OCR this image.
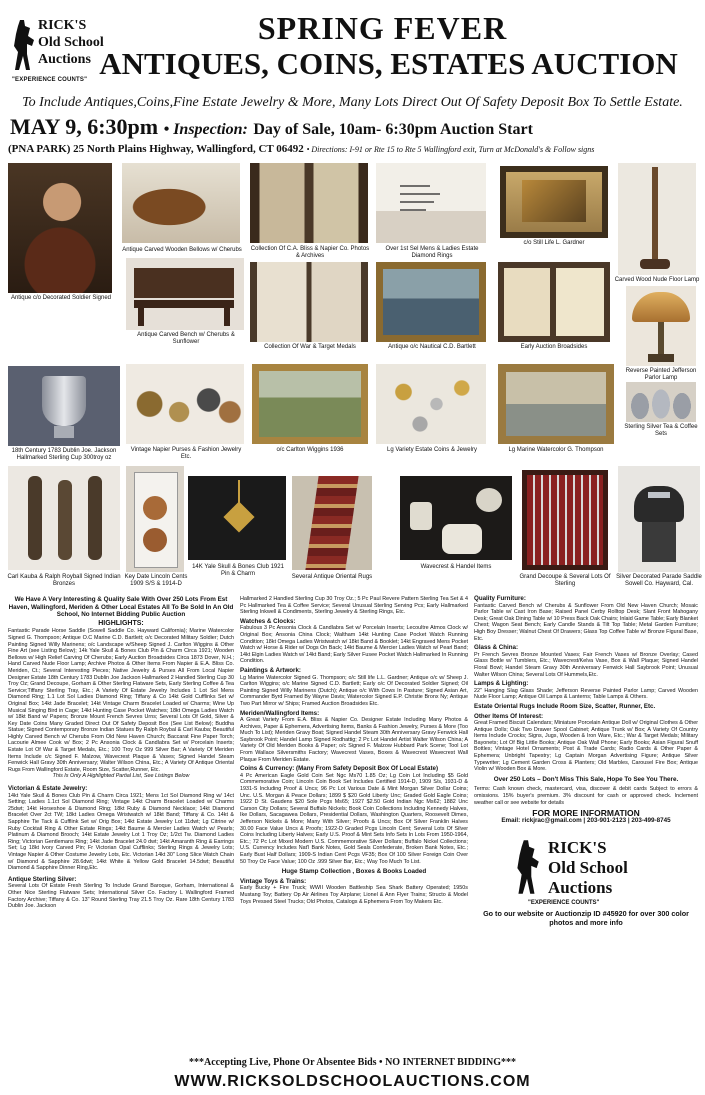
RICK'S
Old School
Auctions
"EXPERIENCE COUNTS"
SPRING FEVER
ANTIQUES, COINS, ESTATES AUCTION
To Include Antiques,Coins,Fine Estate Jewelry & More, Many Lots Direct Out Of Safety Deposit Box To Settle Estate.
MAY 9, 6:30pm • Inspection: Day of Sale, 10am- 6:30pm Auction Start
(PNA PARK) 25 North Plains Highway, Wallingford, CT 06492 • Directions: I-91 or Rte 15 to Rte 5 Wallingford exit, Turn at McDonald's & Follow signs
Antique c/o Decorated Soldier Signed
Antique Carved Wooden Bellows w/ Cherubs Collection Of C.A. Bliss & Napier Co. Photos & Archives
Over 1st Sel Mens & Ladies Estate Diamond Rings
c/o Still Life L. Gardner
Carved Wood Nude Floor Lamp
Antique Carved Bench w/ Cherubs & Sunflower
Collection Of War & Target Medals	Antique o/c Nautical C.D. Bartlett	Early Auction Broadsides
Reverse Painted Jefferson Parlor Lamp
18th Century 1783 Dublin Joe. Jackson Hallmarked Sterling Cup 300troy oz
Vintage Napier Purses & Fashion Jewelry Etc.
o/c Carlton Wiggins 1936	Lg Variety Estate Coins & Jewelry	Lg Marine Watercolor G. Thompson
Sterling Silver Tea & Coffee Sets
Carl Kauba & Ralph Royball Signed Indian Bronzes
Key Date Lincoln Cents 1909 S/S & 1914-D
14K Yale Skull & Bones Club 1921 Pin & Charm	Several Antique Oriental Rugs
Wavecrest & Handel Items
Grand Decoupe & Several Lots Of Sterling
Silver Decorated Parade Saddle Sowell Co. Hayward, Cal.
We Have A Very Interesting & Quality Sale With Over 250 Lots From Est Haven, Wallingford, Meriden & Other Local Estates All To Be Sold In An Old School, No Internet Bidding Public Auction
HIGHLIGHTS:
Fantastic Parade Horse Saddle (Sowell Saddle Co. Hayward California); Marine Watercolor Signed G. Thompson; Antique O.C Marine C.D. Bartlett; o/c Decorated Military Soldier; Dutch Painting Signed Willy Marinens; o/c Landscape w/Sheep Signed J. Carlton Wiggins & Other Fine Art (see Listing Below); 14k Yale Skull & Bones Club Pin & Charm Circa 1921; Wooden Bellows w/ High Relief Carving Of Cherubs; Early Auction Broadsides Circa 1873 Dover, N.H.; Hand Carved Nude Floor Lamp; Archive Photos & Other Items From Napier & E.A. Bliss Co. Meriden, Ct.; Several Interesting Pieces; Native Jewelry & Purses All From Local Napier Designer Estate 18th Century 1783 Dublin Joe Jackson Hallmarked 2 Handled Sterling Cup 30 Troy Oz; Grand Decoupe, Gorham & Other Sterling Flatware Sets, Early Sterling Coffee & Tea Service;Tiffany Sterling Tray, Etc.; A Variety Of Estate Jewelry Includes 1 Lot Sol Mens Diamond Ring; 1.1 Lot Sol Ladies Diamond Ring; Tiffany & Co 14kt Gold Cufflinks Set w/ Original Box; 14kt Jade Bracelet; 14kt Vintage Charm Bracelet Loaded w/ Charms; Wine Up Musical Singing Bird in Cage; 14kt Hunting Case Pocket Watches; 18kt Omega Ladies Watch w/ 18kt Band w/ Papers; Bronze Mount French Sevres Urns; Several Lots Of Gold, Silver & Key Date Coins Many Graded Direct Out Of Safety Deposit Box (See List Below); Buddha Statue; Signed Contemporary Bronze Indian Statues By Ralph Roybal & Carl Kauba; Beautiful Highly Carved Bench w/ Cherubs From Old New Haven Church; Baccarat Fine Paper Torch; Lacourie Almee Cook w/ Box; 2 Pc Ansonia Clock & Candlabra Set w/ Porcelain Inserts; Estate Lot Of War & Target Medals, Etc.; 100 Troy Oz 999 Silver Bar; A Variety Of Meriden Items Include c/c Signed F. Malzow, Wavecrest Plaque & Vases; Signed Handel Steam Fenwick Hall Gravy 30th Anniversary; Walter Wilson China, Etc.; A Variety Of Antique Oriental Rugs From Wallingford Estate, Room Size, Scatter,Runner, Etc.
This Is Only A Highlighted Partial List, See Listings Below
Victorian & Estate Jewelry:
14kt Yale Skull & Bones Club Pin & Charm Circa 1921; Mens 1ct Sol Diamond Ring w/ 14ct Setting; Ladies 1.1ct Sol Diamond Ring; Vintage 14kt Charm Bracelet Loaded w/ Charms 25dwt; 14kt Horseshoe & Diamond Ring; 18kt Ruby & Diamond Necklace; 14kt Diamond Bracelet Over 2ct TW; 18kt Ladies Omega Wristwatch w/ 18kt Band; Tiffany & Co. 14kt & Sapphire Tie Tack & Cufflink Set w/ Orig Box; 14kt Estate Jewelry Lot 11dwt; Lg Citrine w/ Ruby Cocktail Ring & Other Estate Rings; 14kt Baume & Mercier Ladies Watch w/ Pearls; Platinum & Diamond Brooch; 14kt Estate Jewelry Lot 1 Troy Oz; 1/2ct Tw. Diamond Ladies Ring; Victorian Gentlemans Ring; 14kt Jade Bracelet 24.0 dwt; 14kt Amaranth Ring & Earrings Set; Lg 18kt Ivory Carved Pin; Fr Victorian Opal Cufflinks; Sterling Rings & Jewelry Lots; Vintage Napier & Other Costume Jewelry Lots, Etc. Victorian 14kt 30" Long Slice Watch Chain w/ Diamond & Sapphire 28.6dwt; 14kt White & Yellow Gold Bracelet 14.5dwt; Beautiful Diamond & Sapphire Dinner Ring,Etc.
Antique Sterling Silver:
Several Lots Of Estate Fresh Sterling To Include Grand Baroque, Gorham, International & Other Nice Sterling Flatware Sets; International Silver Co. Factory L Wallingford Framed Factory Archive; Tiffany & Co. 13" Round Sterling Tray 21.5 Troy Oz. Rare 18th Century 1783 Dublin Joe. Jackson
Hallmarked 2 Handled Sterling Cup 30 Troy Oz.; 5 Pc Paul Revere Pattern Sterling Tea Set & 4 Pc Hallmarked Tea & Coffee Service; Several Unusual Sterling Serving Pcs; Early Hallmarked Sterling Inkwell & Condiments, Sterling Jewelry & Sterling Rings, Etc.
Watches & Clocks:
Fabulous 3 Pc Ansonia Clock & Candlabra Set w/ Porcelain Inserts; Lecoultre Atmos Clock w/ Original Box; Ansonia China Clock; Waltham 14kt Hunting Case Pocket Watch Running Condition; 18kt Omega Ladies Wristwatch w/ 18kt Band & Booklet; 14kt Engraved Mens Pocket Watch w/ Horse & Rider w/ Dogs On Back; 14kt Baume & Mercier Ladies Watch w/ Pearl Band; 14kt Elgin Ladies Watch w/ 14kt Band; Early Silver Fusee Pocket Watch Hallmarked In Running Condition.
Paintings & Artwork:
Lg Marine Watercolor Signed G. Thompson; o/c Still life L.L. Gardner; Antique o/c w/ Sheep J. Carlton Wiggins; o/c Marine Signed C.D. Bartlett; Early o/c Of Decorated Soldier Signed; Oil Painting Signed Willy Marinens (Dutch); Antique o/c With Cows In Pasture; Signed Asian Art, Commander Byrd Framed By Wayne Davis; Watercolor Signed E.P. Christie Bronx Ny; Antique Two Part Mirror w/ Ships; Framed Auction Broadsides Etc.
Meriden/Wallingford Items:
A Great Variety From E.A. Bliss & Napier Co. Designer Estate Including Many Photos & Archives, Paper & Ephemera, Advertising Items, Banks & Fashion Jewelry, Purses & More (Too Much To List); Meriden Gravy Boat; Signed Handel Steam 30th Anniversary Gravy Fenwick Hall Saybrook Point; Handel Lamp Signed Rodhattig; 2 Pc Lot Handel Artist Walter Wilson China; A Variety Of Old Meriden Books & Paper; o/c Signed F. Malzow Hubbard Park Scene; Tool Lot From Wallace Silversmiths Factory; Wavecrest Vases, Boxes & Wavecrest Wavecrest Wall Plaque From Meriden Estate.
Coins & Currency: (Many From Safety Deposit Box Of Local Estate)
4 Pc American Eagle Gold Coin Set Ngc Ms70 1.85 Oz; Lg Coin Lot Including $5 Gold Commemorative Coin; Lincoln Coin Book Set Includes Certified 1914-D, 1909 S/s, 1931-D & 1931-S Including Proof & Uncs; 96 Pc Lot Various Date & Mint Morgan Silver Dollar Coins; Unc. U.S. Morgan & Peace Dollars; 1899 $ $20 Gold Liberty Unc; Graded Gold Eagle Coins; 1922 D St. Gaudens $20 Sole Pcgs Ms65; 1927 $2.50 Gold Indian Ngc Ms62; 1882 Unc Carson City Dollars; Several Buffalo Nickels; Book Coin Collections Including Kennedy Halves, Ike Dollars, Sacagawea Dollars, Presidential Dollars, Washington Quarters, Roosevelt Dimes, Jefferson Nickels & More; Many With Silver; Proofs & Uncs; Box Of Silver Franklin Halves 30.00 Face Value Uncs & Proofs; 1922-D Graded Pcgs Lincoln Cent; Several Lots Of Silver Coins Including Liberty Halves; Early U.S. Proof & Mint Sets Info Sets In Lots From 1950-1964, Etc.; 72 Pc Lot Mixed Modern U.S. Commemorative Silver Dollars; Buffalo Nickel Collections; U.S. Currency Includes Nat'l Bank Notes, Gold Seals Confederate, Broken Bank Notes, Etc.; Early Bust Half Dollars; 1909-S Indian Cent Pcgs VF35; Box Of 100 Silver Foreign Coin Over 50 Troy Oz Face Value; 100 Oz .999 Silver Bar, Etc.; Way Too Much To List.
Huge Stamp Collection , Boxes & Books Loaded
Vintage Toys & Trains:
Early Bucky + Fire Truck; WWII Wooden Battleship Sea Shark Battery Operated; 1950s Mustang Toy; Battery Op Air Airlines Toy Airplane; Lionel & Ann Flyer Trains; Structo & Model Toys Pressed Steel Trucks; Old Photos, Catalogs & Ephemera From Toy Makers Etc.
Quality Furniture:
Fantastic Carved Bench w/ Cherubs & Sunflower From Old New Haven Church; Mosaic Parlor Table w/ Cast Iron Base; Raised Panel Cerby Rolltop Desk; Slant Front Mahogany Desk; Great Oak Dining Table w/ 10 Press Back Oak Chairs; Inlaid Game Table; Early Blanket Chest; Wagon Seat Bench; Early Candle Stands & Tilt Top Table; Metal Garden Furniture; High Boy Dresser; Walnut Chest Of Drawers; Glass Top Coffee Table w/ Bronze Figural Base, Etc.
Glass & China:
Pr French Sevres Bronze Mounted Vases; Fair French Vases w/ Bronze Overlay; Cased Glass Bottle w/ Tumblers, Etc.; Wavecrest/Kelva Vase, Box & Wall Plaque; Signed Handel Floral Bowl; Handel Steam Gravy 30th Anniversary Fenwick Hall Saybrook Point; Unusual Walter Wilson China; Several Lots Of Hummels,Etc.
Lamps & Lighting:
22" Hanging Slag Glass Shade; Jefferson Reverse Painted Parlor Lamp; Carved Wooden Nude Floor Lamp; Antique Oil Lamps & Lanterns; Table Lamps & Others.
Estate Oriental Rugs Include Room Size, Scatter, Runner, Etc.
Other Items Of Interest:
Great Framed Biscuit Calendars; Miniature Porcelain Antique Doll w/ Original Clothes & Other Antique Dolls; Oak Two Drawer Spool Cabinet; Antique Trunk w/ Box; A Variety Of Country Items Include Crocks; Signs, Jugs, Wooden & Iron Ware, Etc.; War & Target Medals; Military Bayonets; Lot Of Big Little Books; Antique Oak Wall Phone; Early Books; Asian Figural Snuff Bottles; Vintage Hotel Ornaments; Post & Trade Cards; Radio Cards & Other Paper & Ephemera; Unbright Tapestry; Lg Captain Morgan Advertising Figure; Antique Silver Typewriter; Lg Cement Garden Cross & Planters; Old Marbles, Carousel Fire Box; Antique Violin w/ Wooden Box & More.
Over 250 Lots – Don't Miss This Sale, Hope To See You There.
Terms: Cash known check, mastercard, visa, discover & debit cards Subject to errors & omissions. 15% buyer's premium. 3% discount for cash or approved check. Inclement weather call or see website for details
FOR MORE INFORMATION
Email: rickjrac@gmail.com | 203-901-2123 | 203-499-8745
RICK'S
Old School
Auctions
"EXPERIENCE COUNTS"
Go to our website or Auctionzip ID #45920 for over 300 color photos and more info
***Accepting Live, Phone Or Absentee Bids • NO INTERNET BIDDING***
WWW.RICKSOLDSCHOOLAUCTIONS.COM
